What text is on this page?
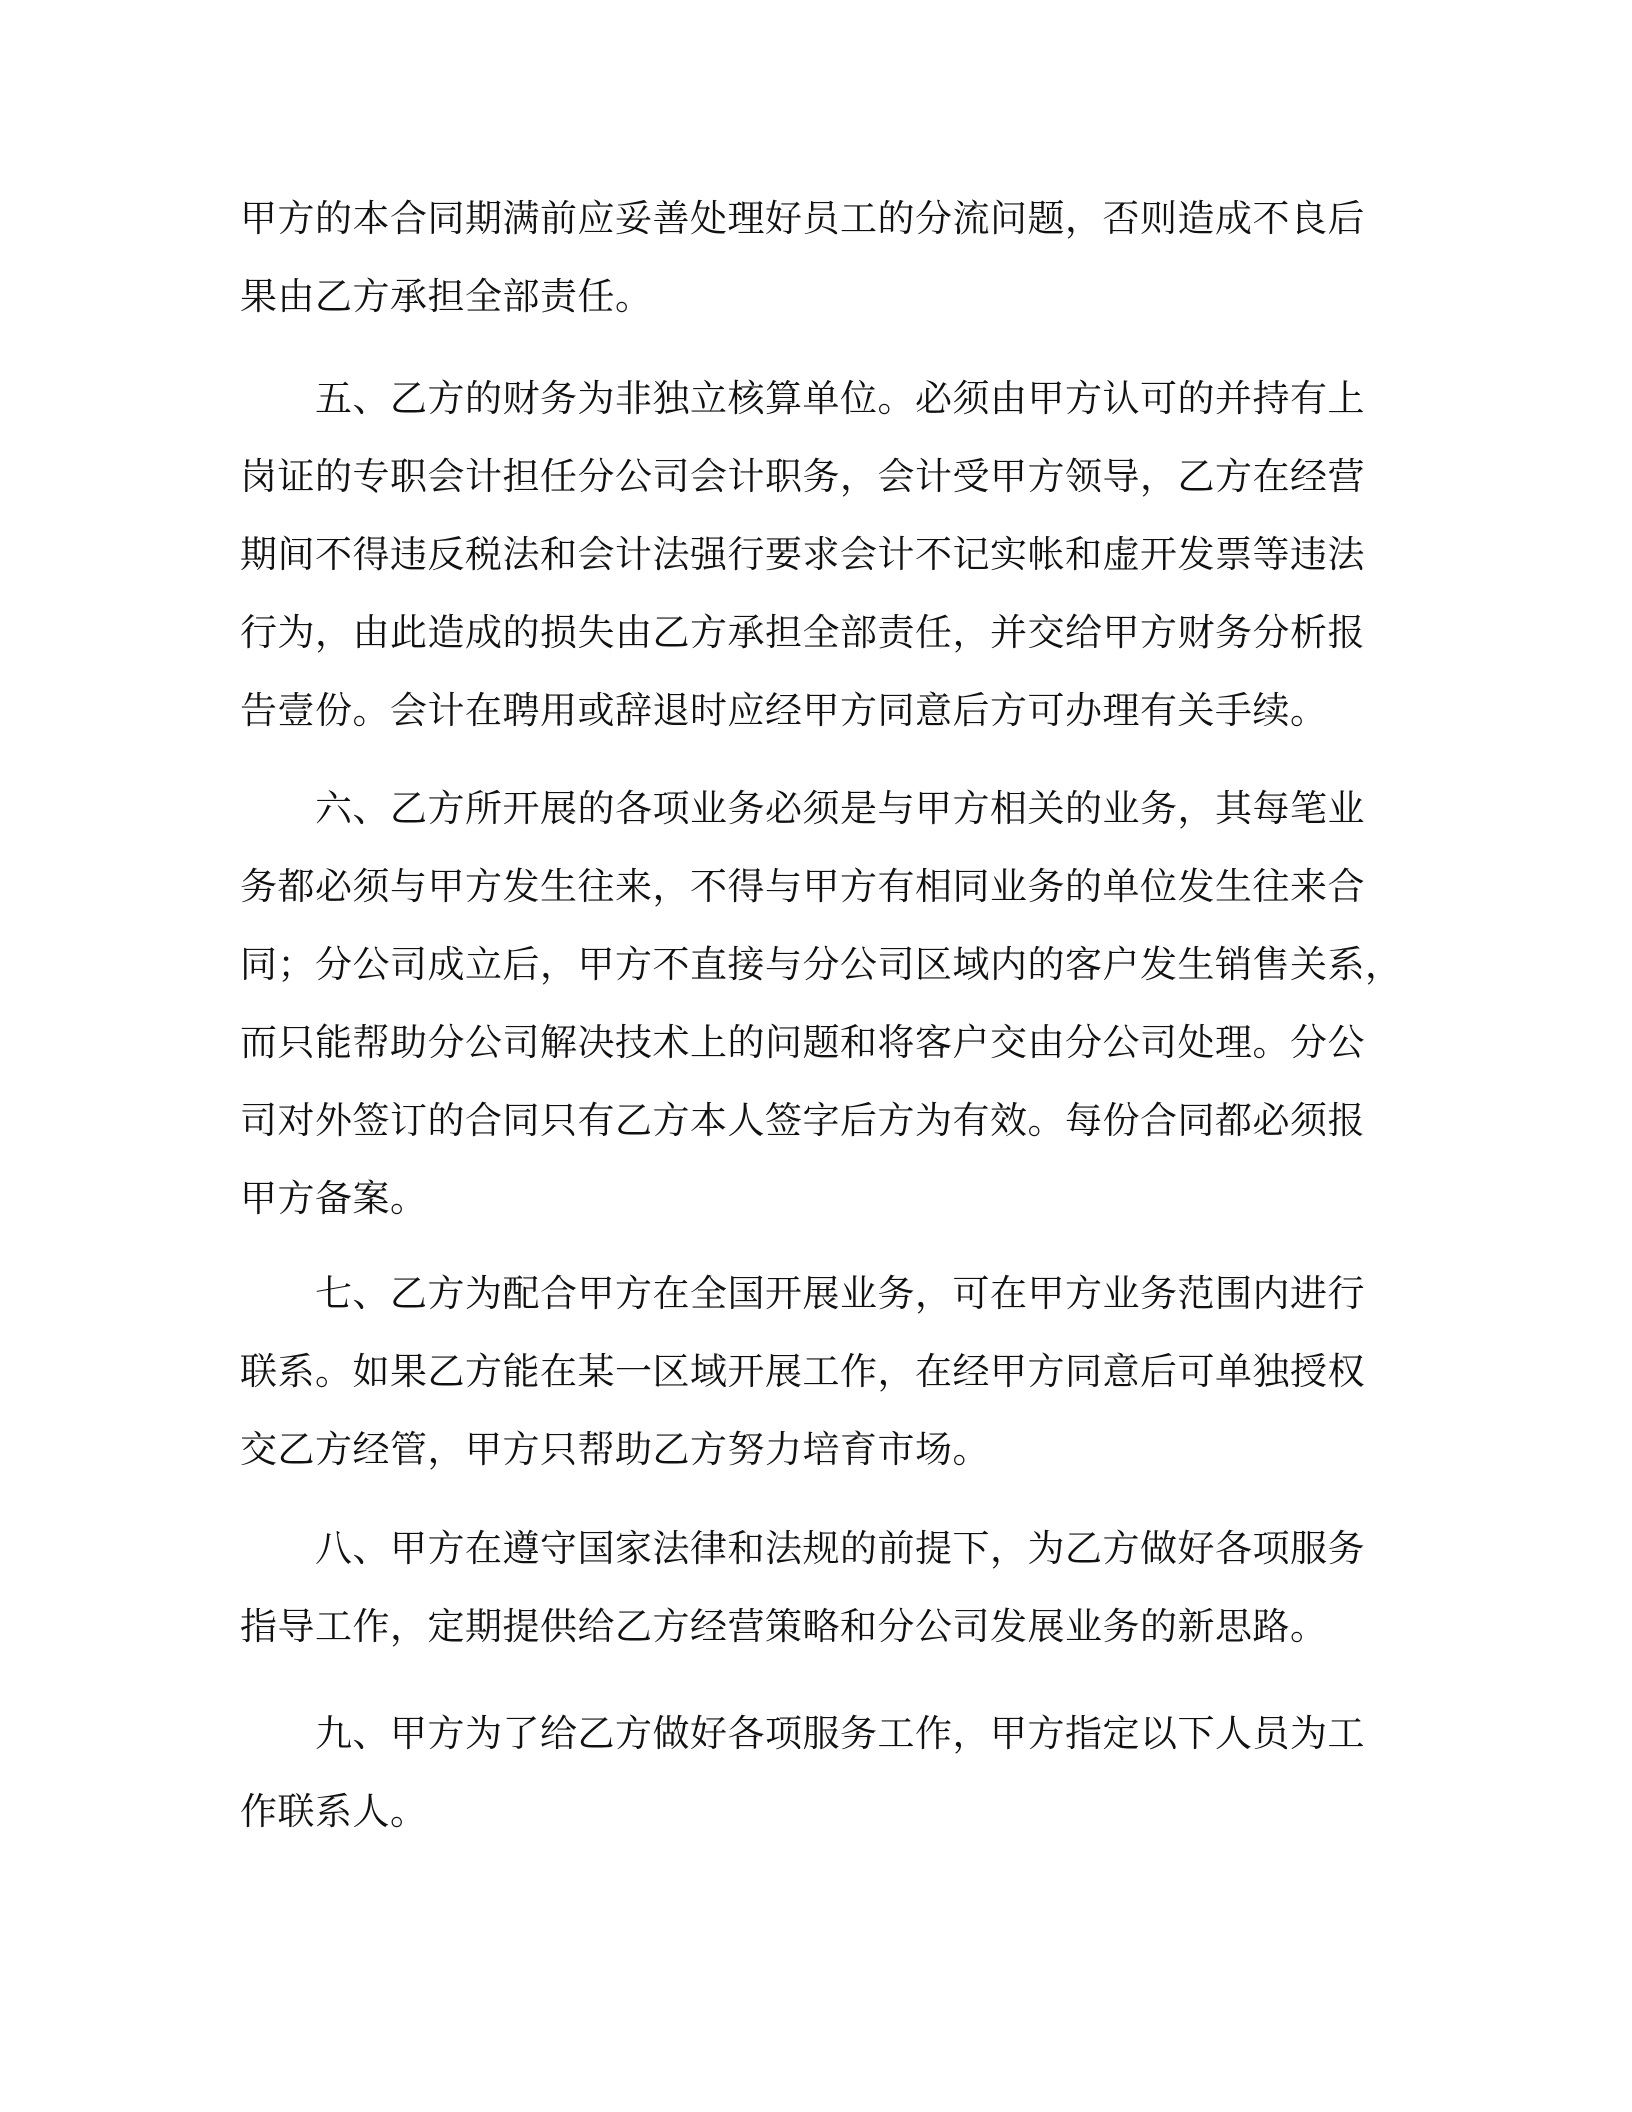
甲方的本合同期满前应妥善处理好员工的分流问题，否则造成不良后
果由乙方承担全部责任。
五、乙方的财务为非独立核算单位。必须由甲方认可的并持有上
岗证的专职会计担任分公司会计职务，会计受甲方领导，乙方在经营
期间不得违反税法和会计法强行要求会计不记实帐和虚开发票等违法
行为，由此造成的损失由乙方承担全部责任，并交给甲方财务分析报
告壹份。会计在聘用或辞退时应经甲方同意后方可办理有关手续。
六、乙方所开展的各项业务必须是与甲方相关的业务，其每笔业
务都必须与甲方发生往来，不得与甲方有相同业务的单位发生往来合
同；分公司成立后，甲方不直接与分公司区域内的客户发生销售关系，
而只能帮助分公司解决技术上的问题和将客户交由分公司处理。分公
司对外签订的合同只有乙方本人签字后方为有效。每份合同都必须报
甲方备案。
七、乙方为配合甲方在全国开展业务，可在甲方业务范围内进行
联系。如果乙方能在某一区域开展工作，在经甲方同意后可单独授权
交乙方经管，甲方只帮助乙方努力培育市场。
八、甲方在遵守国家法律和法规的前提下，为乙方做好各项服务
指导工作，定期提供给乙方经营策略和分公司发展业务的新思路。
九、甲方为了给乙方做好各项服务工作，甲方指定以下人员为工
作联系人。
